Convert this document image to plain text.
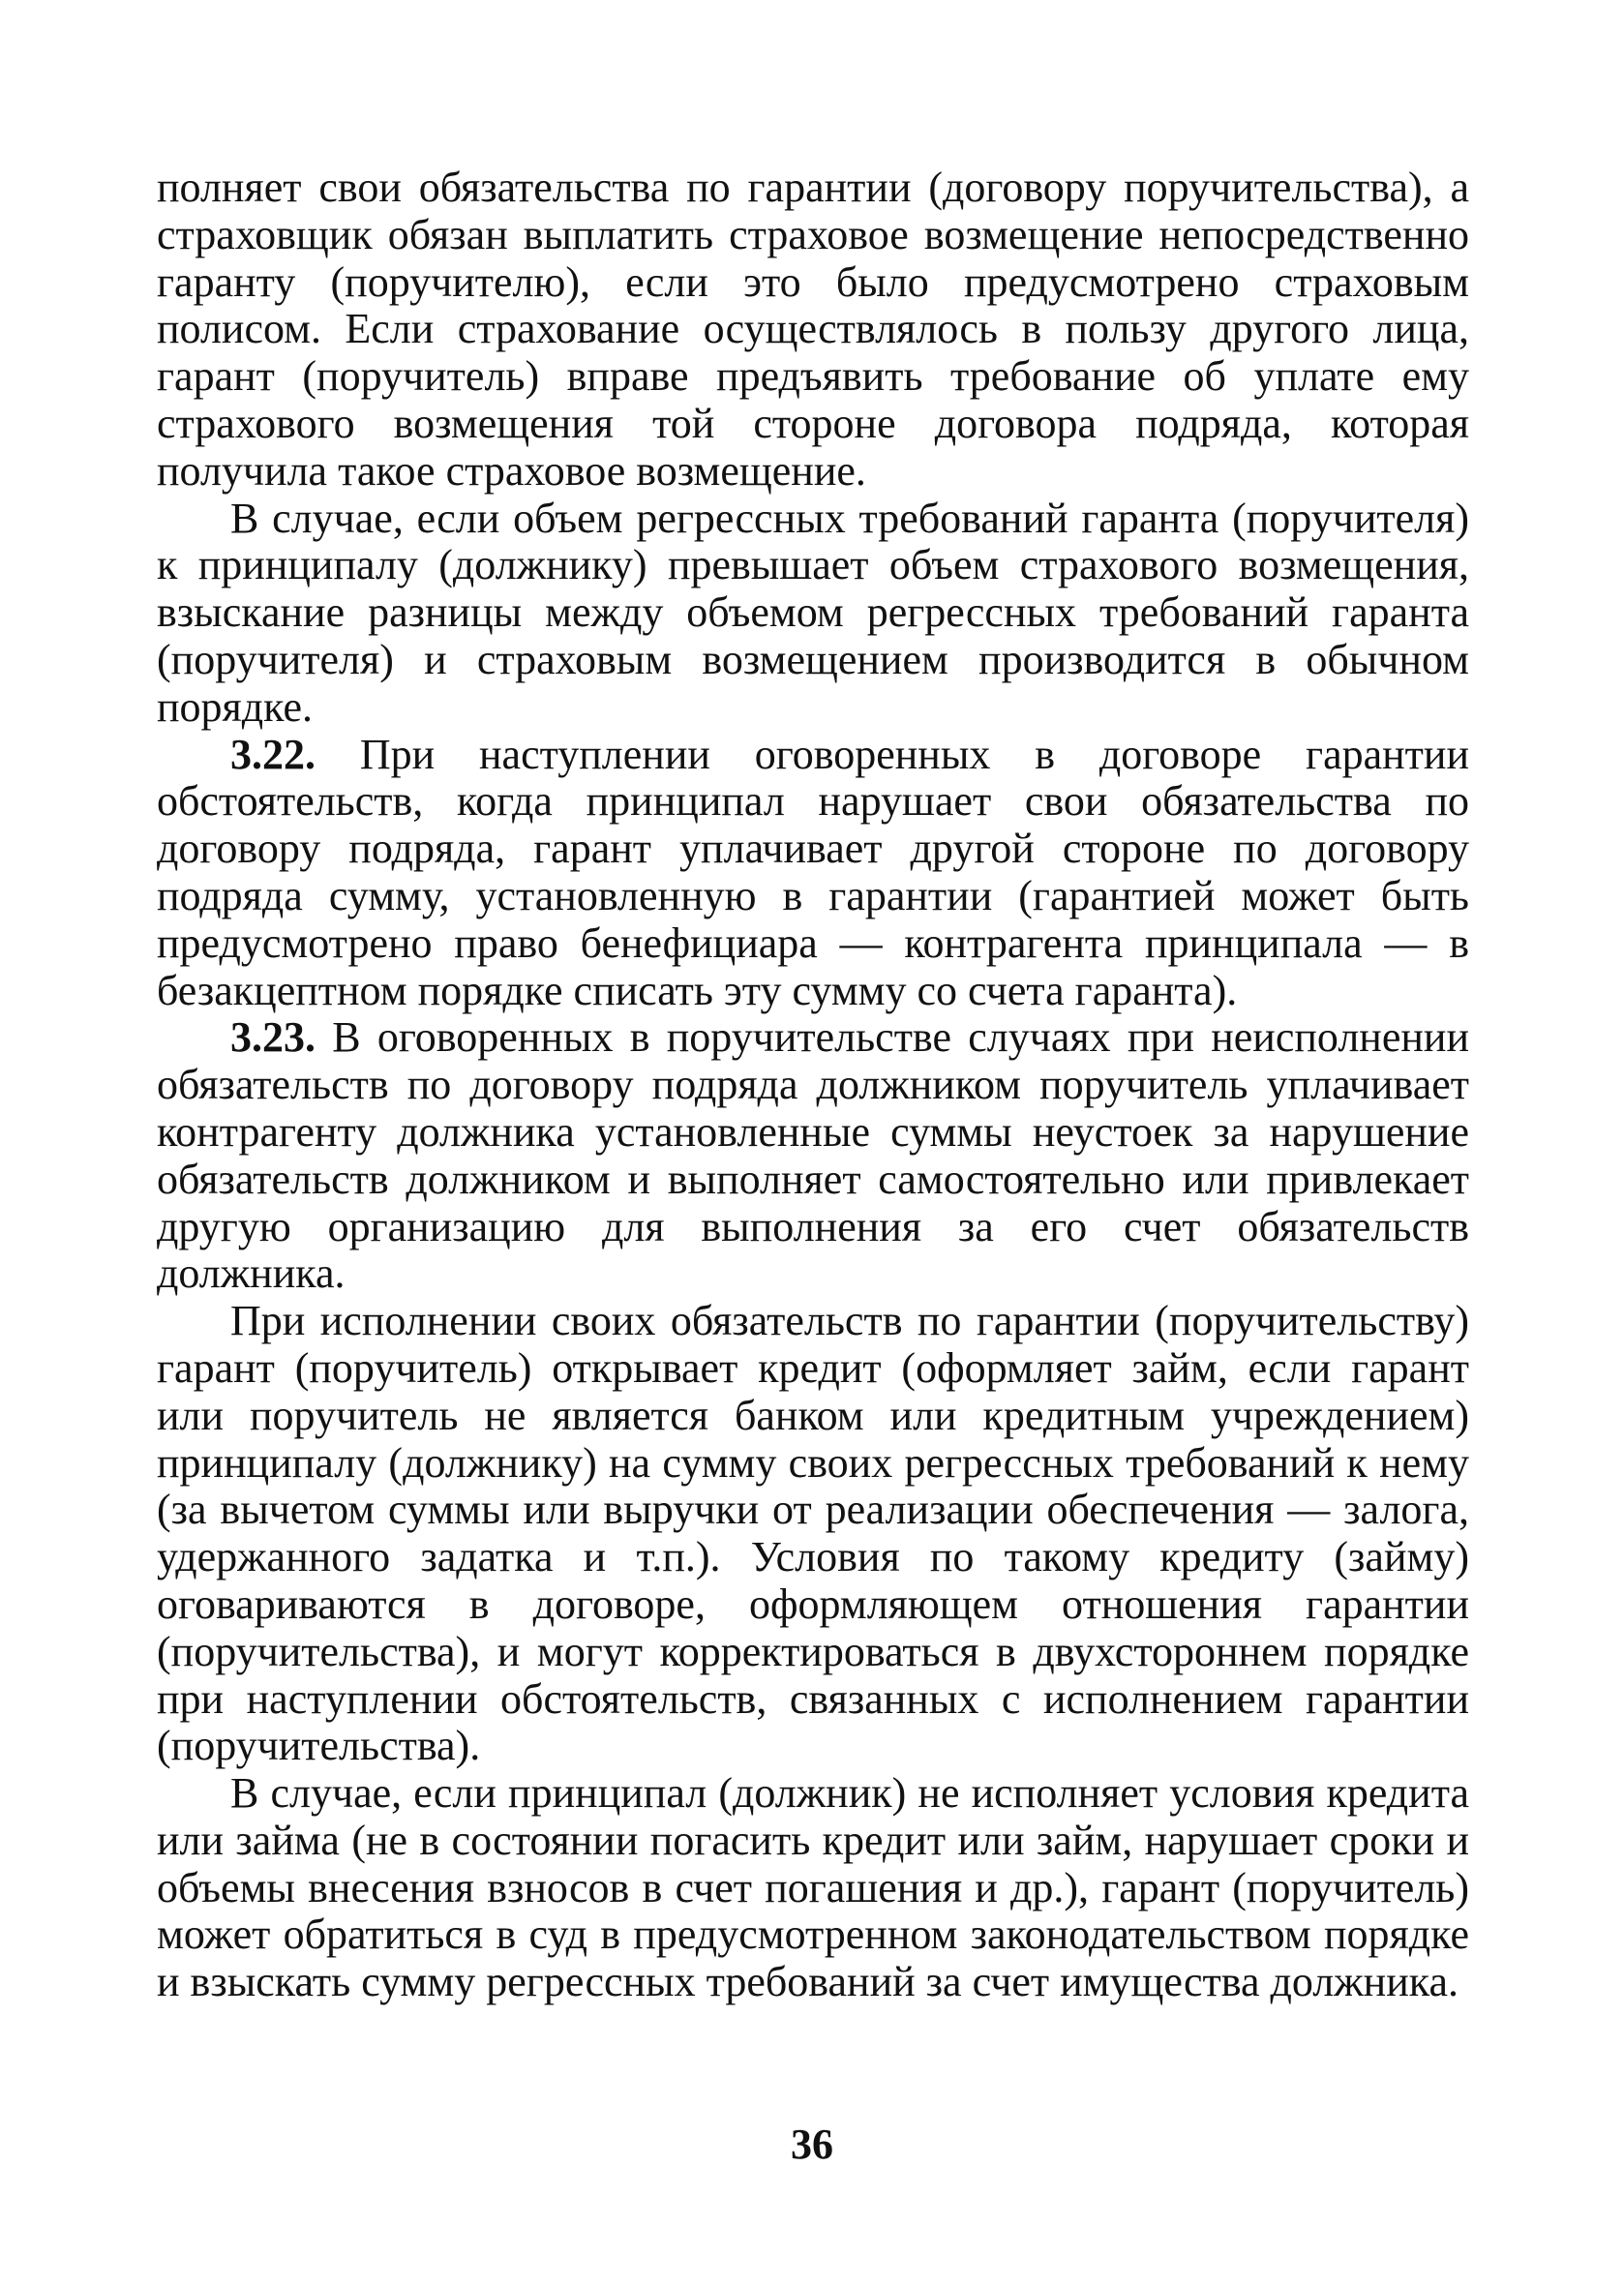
полняет свои обязательства по гарантии (договору поручительства), а страховщик обязан выплатить страховое возмещение непосредственно гаранту (поручителю), если это было предусмотрено страховым полисом. Если страхование осуществлялось в пользу другого лица, гарант (поручитель) вправе предъявить требование об уплате ему страхового возмещения той стороне договора подряда, которая получила такое страховое возмещение.

В случае, если объем регрессных требований гаранта (поручителя) к принципалу (должнику) превышает объем страхового возмещения, взыскание разницы между объемом регрессных требований гаранта (поручителя) и страховым возмещением производится в обычном порядке.

3.22. При наступлении оговоренных в договоре гарантии обстоятельств, когда принципал нарушает свои обязательства по договору подряда, гарант уплачивает другой стороне по договору подряда сумму, установленную в гарантии (гарантией может быть предусмотрено право бенефициара — контрагента принципала — в безакцептном порядке списать эту сумму со счета гаранта).

3.23. В оговоренных в поручительстве случаях при неисполнении обязательств по договору подряда должником поручитель уплачивает контрагенту должника установленные суммы неустоек за нарушение обязательств должником и выполняет самостоятельно или привлекает другую организацию для выполнения за его счет обязательств должника.

При исполнении своих обязательств по гарантии (поручительству) гарант (поручитель) открывает кредит (оформляет займ, если гарант или поручитель не является банком или кредитным учреждением) принципалу (должнику) на сумму своих регрессных требований к нему (за вычетом суммы или выручки от реализации обеспечения — залога, удержанного задатка и т.п.). Условия по такому кредиту (займу) оговариваются в договоре, оформляющем отношения гарантии (поручительства), и могут корректироваться в двухстороннем порядке при наступлении обстоятельств, связанных с исполнением гарантии (поручительства).

В случае, если принципал (должник) не исполняет условия кредита или займа (не в состоянии погасить кредит или займ, нарушает сроки и объемы внесения взносов в счет погашения и др.), гарант (поручитель) может обратиться в суд в предусмотренном законодательством порядке и взыскать сумму регрессных требований за счет имущества должника.

36
